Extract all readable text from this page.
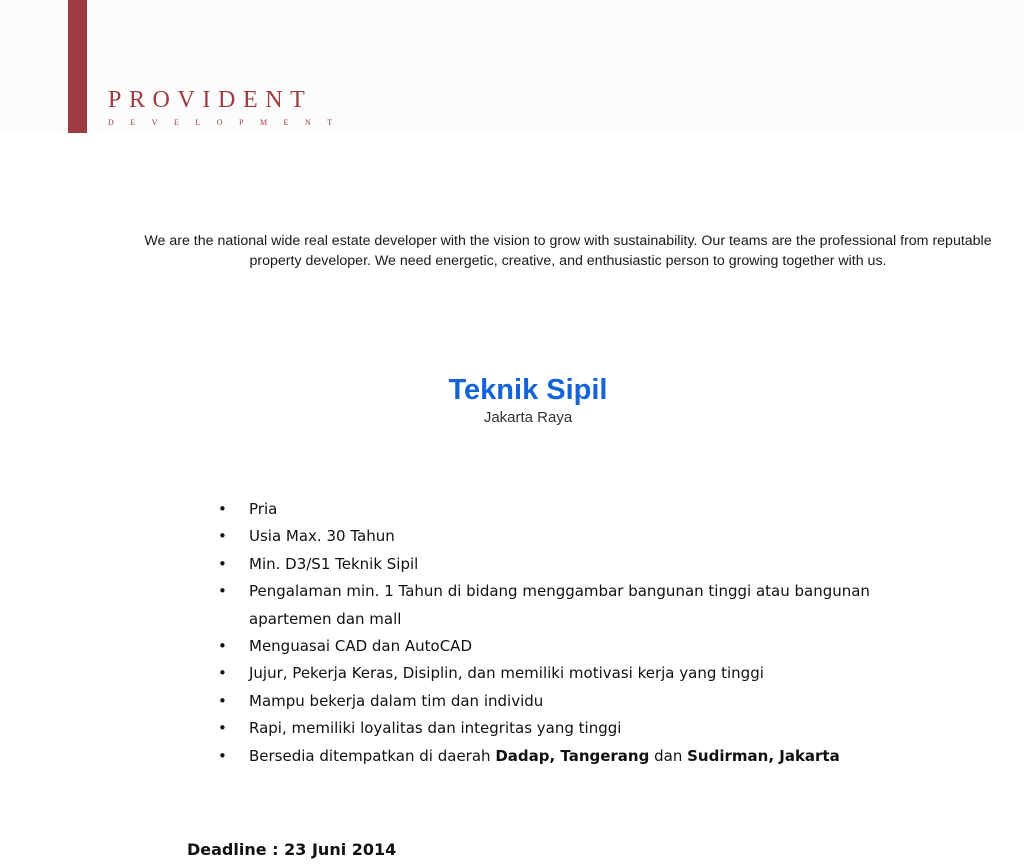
PROVIDENT
DEVELOPMENT

We are the national wide real estate developer with the vision to grow with sustainability. Our teams are the professional from reputable property developer. We need energetic, creative, and enthusiastic person to growing together with us.

Teknik Sipil
Jakarta Raya
• Pria
• Usia Max. 30 Tahun
• Min. D3/S1 Teknik Sipil
• Pengalaman min. 1 Tahun di bidang menggambar bangunan tinggi atau bangunan apartemen dan mall
• Menguasai CAD dan AutoCAD
• Jujur, Pekerja Keras, Disiplin, dan memiliki motivasi kerja yang tinggi
• Mampu bekerja dalam tim dan individu
• Rapi, memiliki loyalitas dan integritas yang tinggi
• Bersedia ditempatkan di daerah Dadap, Tangerang dan Sudirman, Jakarta
Deadline : 23 Juni 2014
